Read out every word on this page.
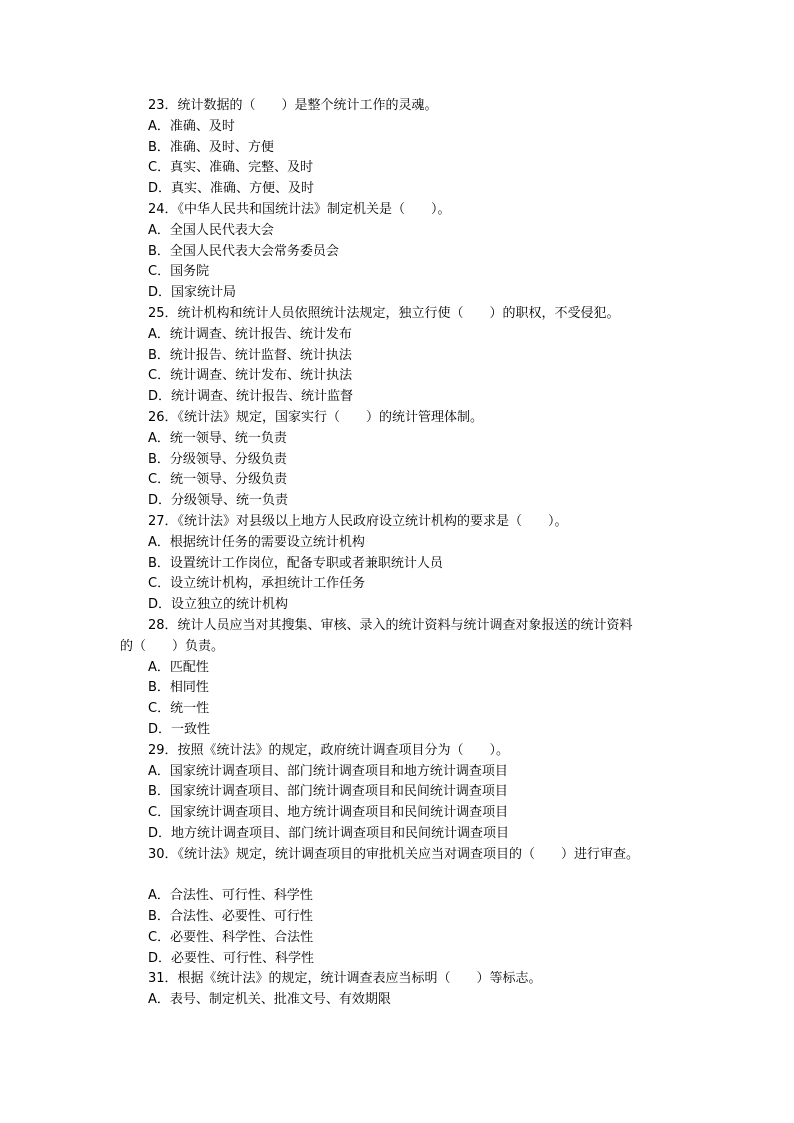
23．统计数据的（　　）是整个统计工作的灵魂。
A．准确、及时
B．准确、及时、方便
C．真实、准确、完整、及时
D．真实、准确、方便、及时
24．《中华人民共和国统计法》制定机关是（　　）。
A．全国人民代表大会
B．全国人民代表大会常务委员会
C．国务院
D．国家统计局
25．统计机构和统计人员依照统计法规定，独立行使（　　）的职权，不受侵犯。
A．统计调查、统计报告、统计发布
B．统计报告、统计监督、统计执法
C．统计调查、统计发布、统计执法
D．统计调查、统计报告、统计监督
26．《统计法》规定，国家实行（　　）的统计管理体制。
A．统一领导、统一负责
B．分级领导、分级负责
C．统一领导、分级负责
D．分级领导、统一负责
27．《统计法》对县级以上地方人民政府设立统计机构的要求是（　　）。
A．根据统计任务的需要设立统计机构
B．设置统计工作岗位，配备专职或者兼职统计人员
C．设立统计机构，承担统计工作任务
D．设立独立的统计机构
28．统计人员应当对其搜集、审核、录入的统计资料与统计调查对象报送的统计资料
的（　　）负责。
A．匹配性
B．相同性
C．统一性
D．一致性
29．按照《统计法》的规定，政府统计调查项目分为（　　）。
A．国家统计调查项目、部门统计调查项目和地方统计调查项目
B．国家统计调查项目、部门统计调查项目和民间统计调查项目
C．国家统计调查项目、地方统计调查项目和民间统计调查项目
D．地方统计调查项目、部门统计调查项目和民间统计调查项目
30．《统计法》规定，统计调查项目的审批机关应当对调查项目的（　　）进行审查。
A．合法性、可行性、科学性
B．合法性、必要性、可行性
C．必要性、科学性、合法性
D．必要性、可行性、科学性
31．根据《统计法》的规定，统计调查表应当标明（　　）等标志。
A．表号、制定机关、批准文号、有效期限
